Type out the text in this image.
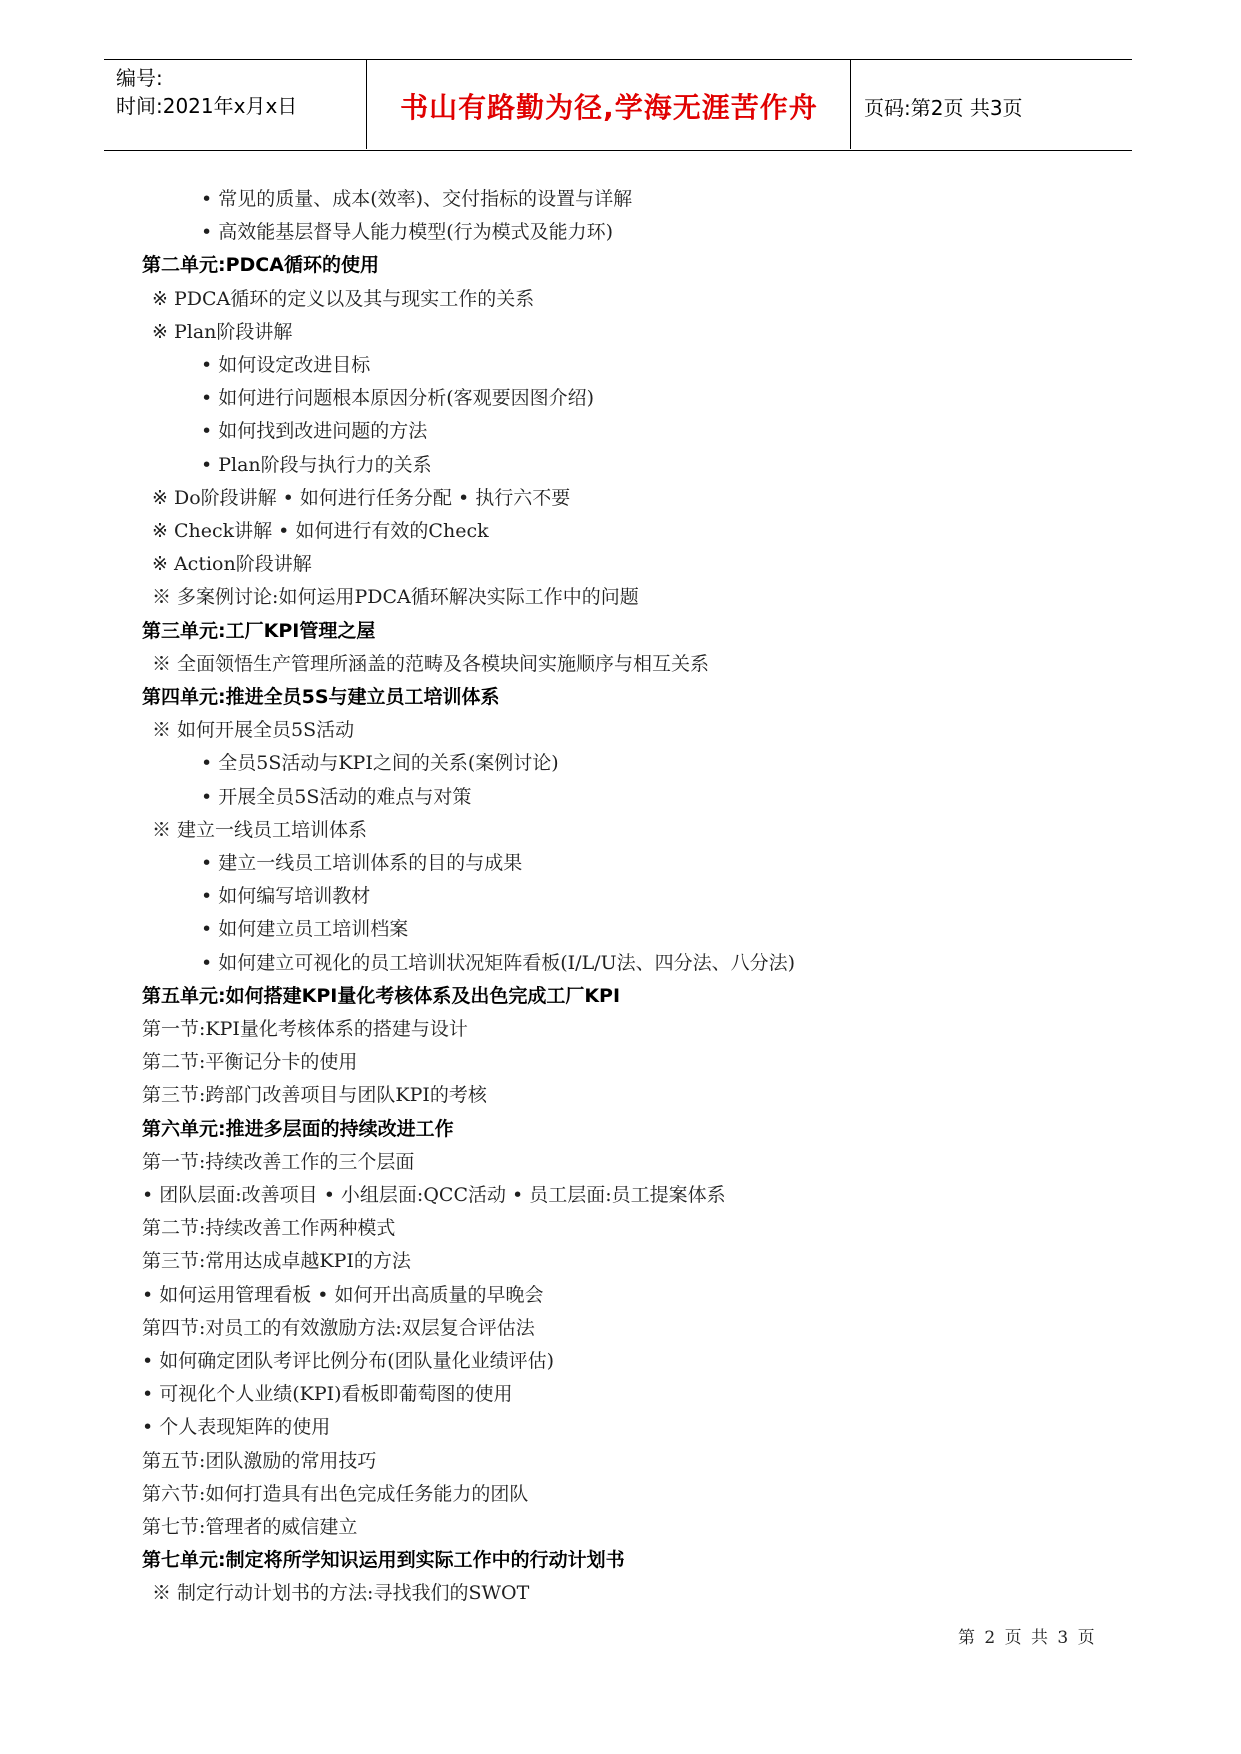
编号:
时间:2021年x月x日	书山有路勤为径,学海无涯苦作舟	页码:第2页 共3页
• 常见的质量、成本(效率)、交付指标的设置与详解
• 高效能基层督导人能力模型(行为模式及能力环)
第二单元:PDCA循环的使用
※ PDCA循环的定义以及其与现实工作的关系
※ Plan阶段讲解
• 如何设定改进目标
• 如何进行问题根本原因分析(客观要因图介绍)
• 如何找到改进问题的方法
• Plan阶段与执行力的关系
※ Do阶段讲解 • 如何进行任务分配 • 执行六不要
※ Check讲解 • 如何进行有效的Check
※ Action阶段讲解
※ 多案例讨论:如何运用PDCA循环解决实际工作中的问题
第三单元:工厂KPI管理之屋
※ 全面领悟生产管理所涵盖的范畴及各模块间实施顺序与相互关系
第四单元:推进全员5S与建立员工培训体系
※ 如何开展全员5S活动
• 全员5S活动与KPI之间的关系(案例讨论)
• 开展全员5S活动的难点与对策
※ 建立一线员工培训体系
• 建立一线员工培训体系的目的与成果
• 如何编写培训教材
• 如何建立员工培训档案
• 如何建立可视化的员工培训状况矩阵看板(I/L/U法、四分法、八分法)
第五单元:如何搭建KPI量化考核体系及出色完成工厂KPI
第一节:KPI量化考核体系的搭建与设计
第二节:平衡记分卡的使用
第三节:跨部门改善项目与团队KPI的考核
第六单元:推进多层面的持续改进工作
第一节:持续改善工作的三个层面
• 团队层面:改善项目 • 小组层面:QCC活动 • 员工层面:员工提案体系
第二节:持续改善工作两种模式
第三节:常用达成卓越KPI的方法
• 如何运用管理看板 • 如何开出高质量的早晚会
第四节:对员工的有效激励方法:双层复合评估法
• 如何确定团队考评比例分布(团队量化业绩评估)
• 可视化个人业绩(KPI)看板即葡萄图的使用
• 个人表现矩阵的使用
第五节:团队激励的常用技巧
第六节:如何打造具有出色完成任务能力的团队
第七节:管理者的威信建立
第七单元:制定将所学知识运用到实际工作中的行动计划书
※ 制定行动计划书的方法:寻找我们的SWOT
第 2 页 共 3 页
